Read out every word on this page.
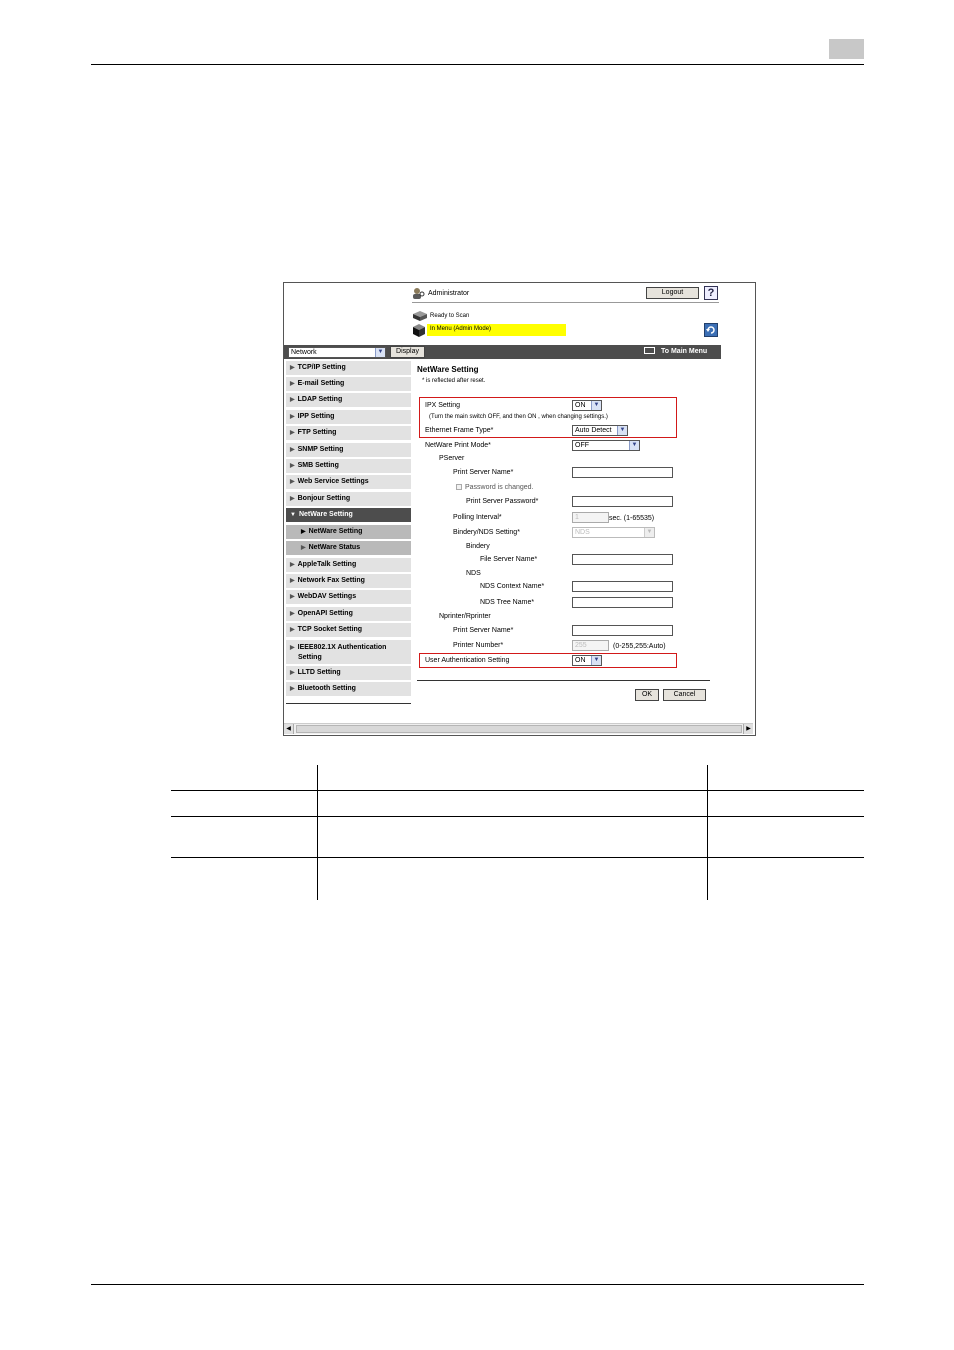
Administrator	Logout	?
Ready to Scan
In Menu (Admin Mode)
Network	▼	Display	To Main Menu
▶ TCP/IP Setting
▶ E-mail Setting
▶ LDAP Setting
▶ IPP Setting
▶ FTP Setting
▶ SNMP Setting
▶ SMB Setting
▶ Web Service Settings
▶ Bonjour Setting
▼ NetWare Setting
▶ NetWare Setting
▶ NetWare Status
▶ AppleTalk Setting
▶ Network Fax Setting
▶ WebDAV Settings
▶ OpenAPI Setting
▶ TCP Socket Setting
▶ IEEE802.1X Authentication
Setting
▶ LLTD Setting
▶ Bluetooth Setting
NetWare Setting
* is reflected after reset.
IPX Setting	ON	▼
(Turn the main switch OFF, and then ON , when changing settings.)
Ethernet Frame Type*	Auto Detect	▼
NetWare Print Mode*	OFF	▼
PServer
Print Server Name*
Password is changed.
Print Server Password*
Polling Interval*	1	sec. (1-65535)
Bindery/NDS Setting*	NDS	▼
Bindery
File Server Name*
NDS
NDS Context Name*
NDS Tree Name*
Nprinter/Rprinter
Print Server Name*
Printer Number*	255	(0-255,255:Auto)
User Authentication Setting	ON	▼
OK	Cancel
◀	▶
